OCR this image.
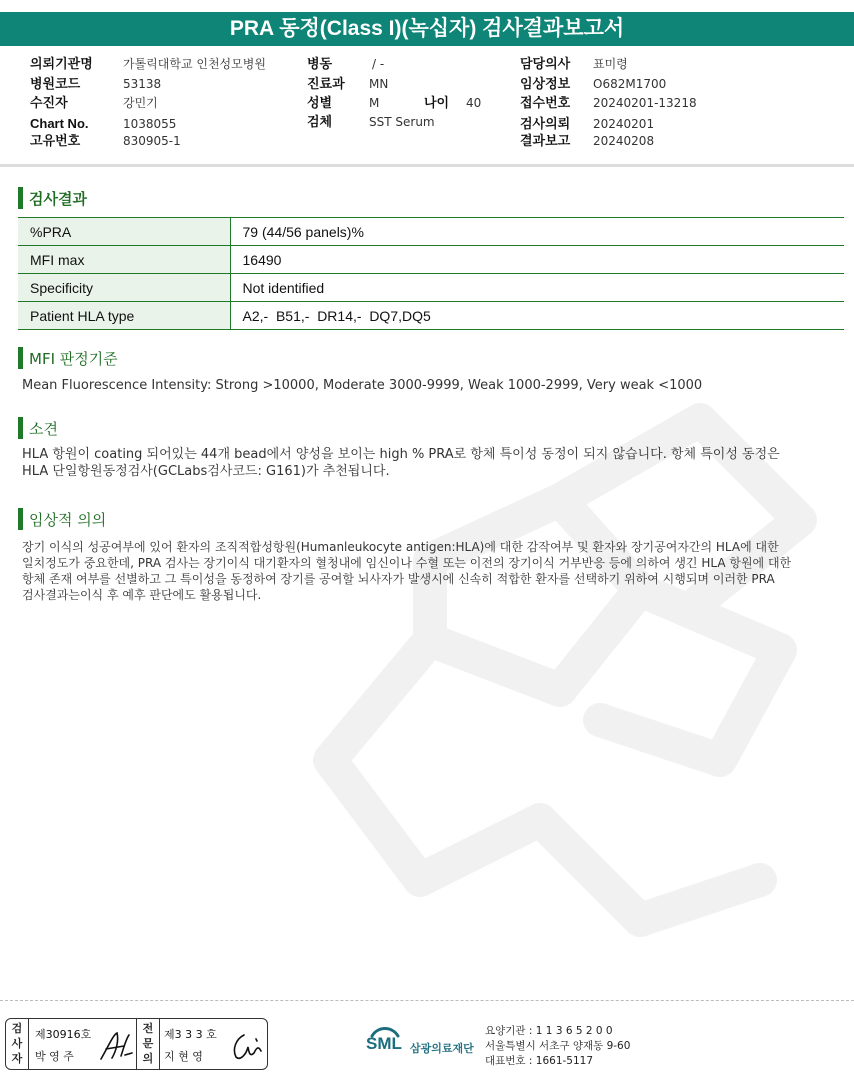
PRA 동정(Class I)(녹십자) 검사결과보고서
의뢰기관명	가톨릭대학교 인천성모병원
병원코드	53138
수진자	강민기
Chart No.	1038055
고유번호	830905-1
병동	/ -
진료과 MN
성별	M	나이 40
검체	SST Serum
담당의사 표미령
임상정보 O682M1700
접수번호 20240201-13218
검사의뢰 20240201
결과보고 20240208
검사결과
%PRA	79 (44/56 panels)%
MFI max	16490
Specificity	Not identified
Patient HLA type	A2,-  B51,-  DR14,-  DQ7,DQ5
MFI 판정기준
Mean Fluorescence Intensity: Strong >10000, Moderate 3000-9999, Weak 1000-2999, Very weak <1000
소견
HLA 항원이 coating 되어있는 44개 bead에서 양성을 보이는 high % PRA로 항체 특이성 동정이 되지 않습니다. 항체 특이성 동정은
HLA 단일항원동정검사(GCLabs검사코드: G161)가 추천됩니다.
임상적 의의
장기 이식의 성공여부에 있어 환자의 조직적합성항원(Humanleukocyte antigen:HLA)에 대한 감작여부 및 환자와 장기공여자간의 HLA에 대한
일치정도가 중요한데, PRA 검사는 장기이식 대기환자의 혈청내에 임신이나 수혈 또는 이전의 장기이식 거부반응 등에 의하여 생긴 HLA 항원에 대한
항체 존재 여부를 선별하고 그 특이성을 동정하여 장기를 공여할 뇌사자가 발생시에 신속히 적합한 환자를 선택하기 위하여 시행되며 이러한 PRA
검사결과는이식 후 예후 판단에도 활용됩니다.
검
사
자
제30916호
박 영 주
전
문
의
제3 3 3 호
지 현 영
SML 삼광의료재단
요양기관 : 1 1 3 6 5 2 0 0
서울특별시 서초구 양재동 9-60
대표번호 : 1661-5117
